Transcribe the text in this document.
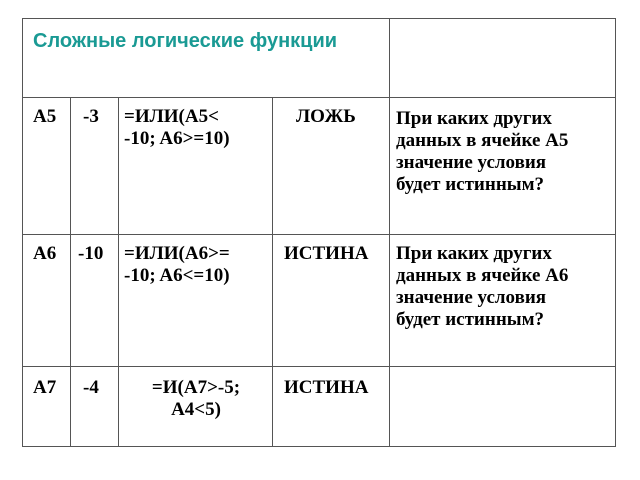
Сложные логические функции
A5 -3 =ИЛИ(A5<
-10; A6>=10)
ЛОЖЬ При каких других
данных в ячейке A5
значение условия
будет истинным?
A6 -10 =ИЛИ(A6>=
-10; A6<=10)
ИСТИНА При каких других
данных в ячейке A6
значение условия
будет истинным?
A7 -4	=И(A7>-5;
A4<5)
ИСТИНА
